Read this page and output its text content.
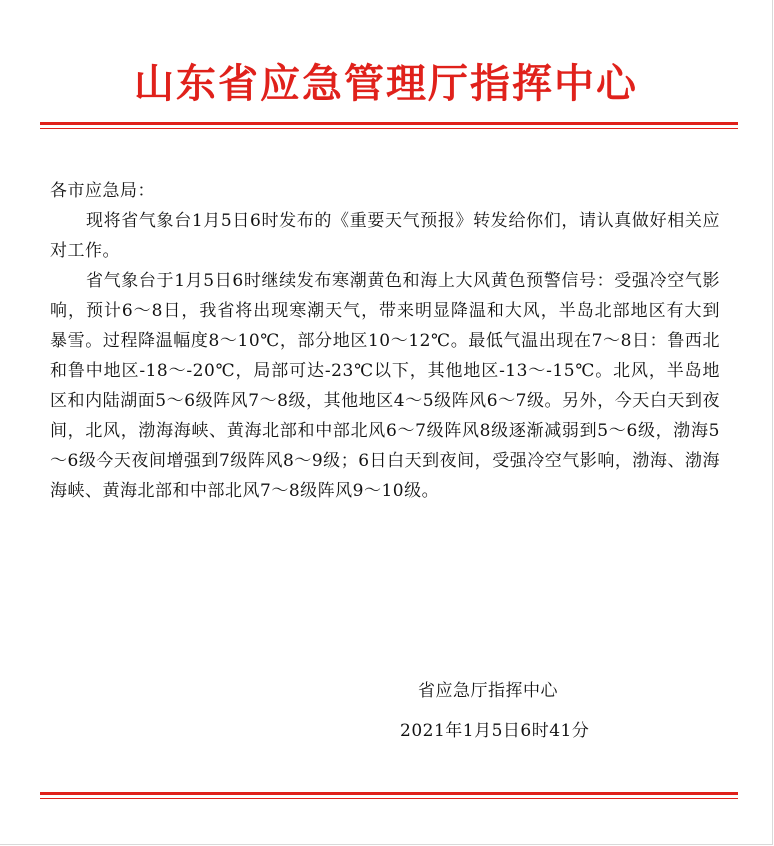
山东省应急管理厅指挥中心

各市应急局：

现将省气象台1月5日6时发布的《重要天气预报》转发给你们，请认真做好相关应对工作。

省气象台于1月5日6时继续发布寒潮黄色和海上大风黄色预警信号：受强冷空气影响，预计6～8日，我省将出现寒潮天气，带来明显降温和大风，半岛北部地区有大到暴雪。过程降温幅度8～10℃，部分地区10～12℃。最低气温出现在7～8日：鲁西北和鲁中地区-18～-20℃，局部可达-23℃以下，其他地区-13～-15℃。北风，半岛地区和内陆湖面5～6级阵风7～8级，其他地区4～5级阵风6～7级。另外，今天白天到夜间，北风，渤海海峡、黄海北部和中部北风6～7级阵风8级逐渐减弱到5～6级，渤海5～6级今天夜间增强到7级阵风8～9级；6日白天到夜间，受强冷空气影响，渤海、渤海海峡、黄海北部和中部北风7～8级阵风9～10级。

省应急厅指挥中心
2021年1月5日6时41分
